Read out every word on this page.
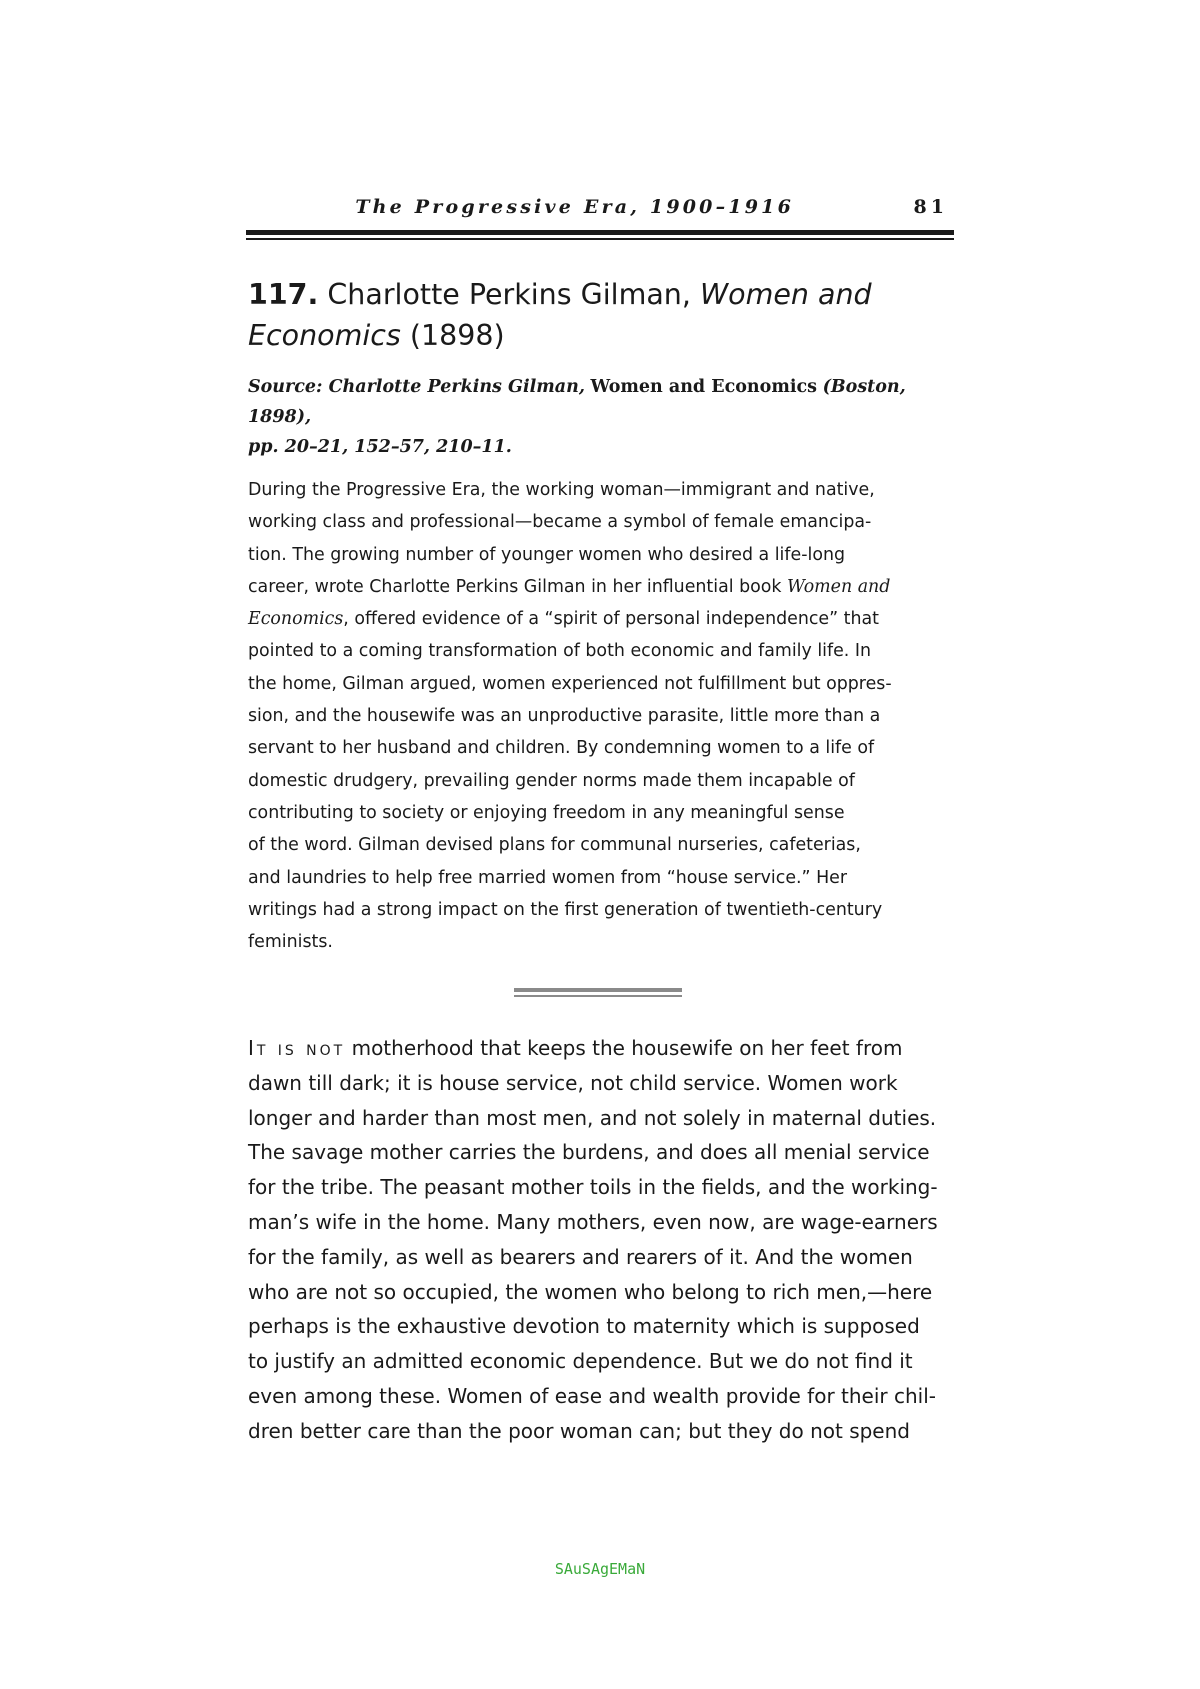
The Progressive Era, 1900–1916	81
117. Charlotte Perkins Gilman, Women and
Economics (1898)
Source: Charlotte Perkins Gilman, Women and Economics (Boston, 1898),
pp. 20–21, 152–57, 210–11.
During the Progressive Era, the working woman—immigrant and native,
working class and professional—became a symbol of female emancipa-
tion. The growing number of younger women who desired a life-long
career, wrote Charlotte Perkins Gilman in her influential book Women and
Economics, offered evidence of a “spirit of personal independence” that
pointed to a coming transformation of both economic and family life. In
the home, Gilman argued, women experienced not fulfillment but oppres-
sion, and the housewife was an unproductive parasite, little more than a
servant to her husband and children. By condemning women to a life of
domestic drudgery, prevailing gender norms made them incapable of
contributing to society or enjoying freedom in any meaningful sense
of the word. Gilman devised plans for communal nurseries, cafeterias,
and laundries to help free married women from “house service.” Her
writings had a strong impact on the first generation of twentieth-century
feminists.
It is not motherhood that keeps the housewife on her feet from
dawn till dark; it is house service, not child service. Women work
longer and harder than most men, and not solely in maternal duties.
The savage mother carries the burdens, and does all menial service
for the tribe. The peasant mother toils in the fields, and the working-
man’s wife in the home. Many mothers, even now, are wage-earners
for the family, as well as bearers and rearers of it. And the women
who are not so occupied, the women who belong to rich men,—here
perhaps is the exhaustive devotion to maternity which is supposed
to justify an admitted economic dependence. But we do not find it
even among these. Women of ease and wealth provide for their chil-
dren better care than the poor woman can; but they do not spend
SAuSAgEMaN
